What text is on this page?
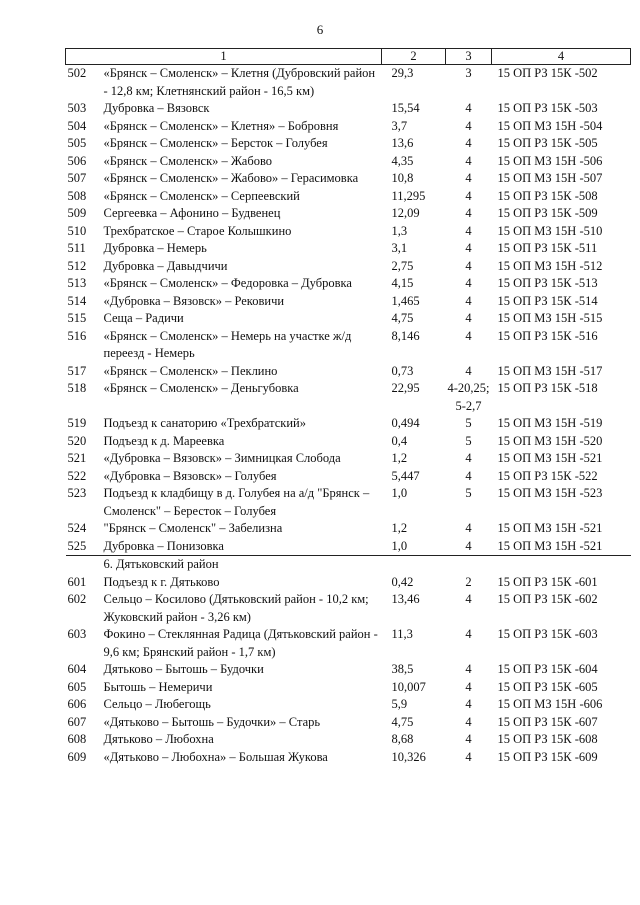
6
1	2	3	4

502 «Брянск – Смоленск» – Клетня (Дубровский район - 12,8 км; Клетнянский район - 16,5 км)	29,3	3	15 ОП РЗ 15К -502

503 Дубровка – Вязовск	15,54	4	15 ОП РЗ 15К -503

504 «Брянск – Смоленск» – Клетня» – Бобровня	3,7	4	15 ОП МЗ 15Н -504

505 «Брянск – Смоленск» – Берсток – Голубея	13,6	4	15 ОП РЗ 15К -505

506 «Брянск – Смоленск» – Жабово	4,35	4	15 ОП МЗ 15Н -506

507 «Брянск – Смоленск» – Жабово» – Герасимовка	10,8	4	15 ОП МЗ 15Н -507

508 «Брянск – Смоленск» – Серпеевский	11,295	4	15 ОП РЗ 15К -508

509 Сергеевка – Афонино – Будвенец	12,09	4	15 ОП РЗ 15К -509

510 Трехбратское – Старое Колышкино	1,3	4	15 ОП МЗ 15Н -510

511 Дубровка – Немерь	3,1	4	15 ОП РЗ 15К -511

512 Дубровка – Давыдчичи	2,75	4	15 ОП МЗ 15Н -512

513 «Брянск – Смоленск» – Федоровка – Дубровка	4,15	4	15 ОП РЗ 15К -513

514 «Дубровка – Вязовск» – Рековичи	1,465	4	15 ОП РЗ 15К -514

515 Сеща – Радичи	4,75	4	15 ОП МЗ 15Н -515

516 «Брянск – Смоленск» – Немерь на участке ж/д переезд - Немерь	8,146	4	15 ОП РЗ 15К -516

517 «Брянск – Смоленск» – Пеклино	0,73	4	15 ОП МЗ 15Н -517

518 «Брянск – Смоленск» – Деньгубовка	22,95	4-20,25; 5-2,7	15 ОП РЗ 15К -518

519 Подъезд к санаторию «Трехбратский»	0,494	5	15 ОП МЗ 15Н -519

520 Подъезд к д. Мареевка	0,4	5	15 ОП МЗ 15Н -520

521 «Дубровка – Вязовск» – Зимницкая Слобода	1,2	4	15 ОП МЗ 15Н -521

522 «Дубровка – Вязовск» – Голубея	5,447	4	15 ОП РЗ 15К -522

523 Подъезд к кладбищу в д. Голубея на а/д "Брянск – Смоленск" – Бересток – Голубея	1,0	5	15 ОП МЗ 15Н -523

524 "Брянск – Смоленск" – Забелизна	1,2	4	15 ОП МЗ 15Н -521

525 Дубровка – Понизовка	1,0	4	15 ОП МЗ 15Н -521
6. Дятьковский район			

601 Подъезд к г. Дятьково	0,42	2	15 ОП РЗ 15К -601

602 Сельцо – Косилово (Дятьковский район - 10,2 км; Жуковский район - 3,26 км)	13,46	4	15 ОП РЗ 15К -602

603 Фокино – Стеклянная Радица (Дятьковский район - 9,6 км; Брянский район - 1,7 км)	11,3	4	15 ОП РЗ 15К -603

604 Дятьково – Бытошь – Будочки	38,5	4	15 ОП РЗ 15К -604

605 Бытошь – Немеричи	10,007	4	15 ОП РЗ 15К -605

606 Сельцо – Любегощь	5,9	4	15 ОП МЗ 15Н -606

607 «Дятьково – Бытошь – Будочки» – Старь	4,75	4	15 ОП РЗ 15К -607

608 Дятьково – Любохна	8,68	4	15 ОП РЗ 15К -608

609 «Дятьково – Любохна» – Большая Жукова	10,326	4	15 ОП РЗ 15К -609
